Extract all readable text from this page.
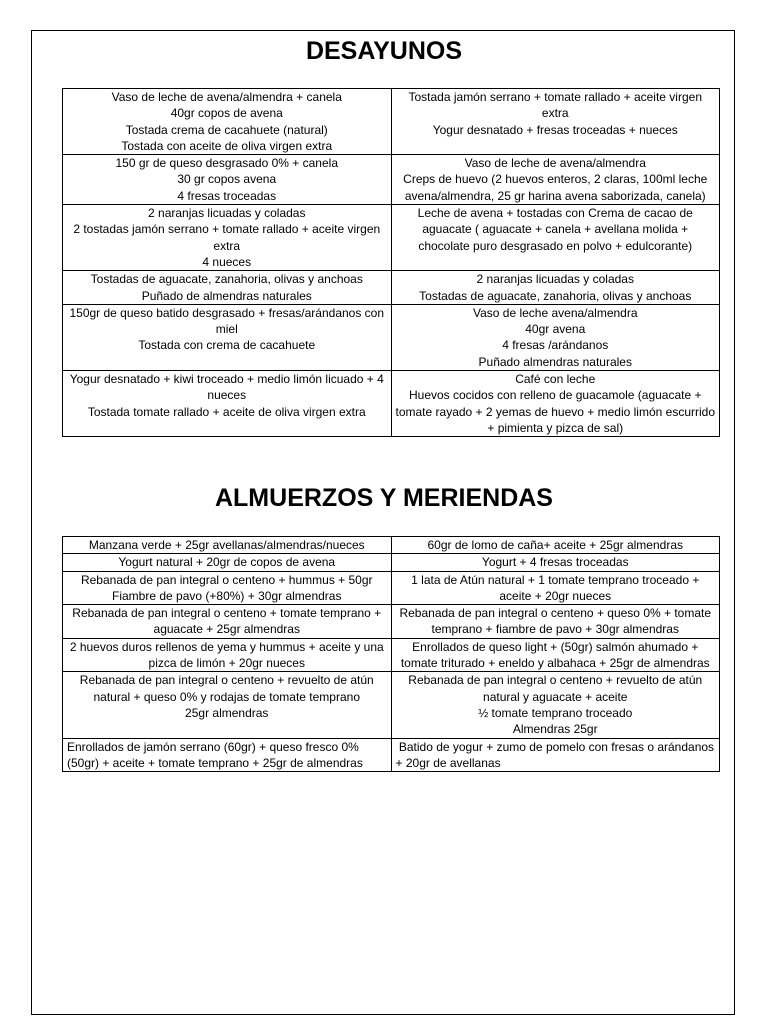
DESAYUNOS
Vaso de leche de avena/almendra + canela
40gr copos de avena
Tostada crema de cacahuete (natural)
Tostada con aceite de oliva virgen extra	Tostada jamón serrano + tomate rallado + aceite virgen extra
Yogur desnatado + fresas troceadas + nueces

150 gr de queso desgrasado 0% + canela
30 gr copos avena
4 fresas troceadas	Vaso de leche de avena/almendra
Creps de huevo (2 huevos enteros, 2 claras, 100ml leche avena/almendra, 25 gr harina avena saborizada, canela)

2 naranjas licuadas y coladas
2 tostadas jamón serrano + tomate rallado + aceite virgen extra
4 nueces	Leche de avena + tostadas con Crema de cacao de aguacate ( aguacate + canela + avellana molida + chocolate puro desgrasado en polvo + edulcorante)

Tostadas de aguacate, zanahoria, olivas y anchoas
Puñado de almendras naturales	2 naranjas licuadas y coladas
Tostadas de aguacate, zanahoria, olivas y anchoas

150gr de queso batido desgrasado + fresas/arándanos con miel
Tostada con crema de cacahuete	Vaso de leche avena/almendra
40gr avena
4 fresas /arándanos
Puñado almendras naturales

Yogur desnatado + kiwi troceado + medio limón licuado + 4 nueces
Tostada tomate rallado + aceite de oliva virgen extra	Café con leche
Huevos cocidos con relleno de guacamole (aguacate + tomate rayado + 2 yemas de huevo + medio limón escurrido + pimienta y pizca de sal)
ALMUERZOS Y MERIENDAS
Manzana verde + 25gr avellanas/almendras/nueces	60gr de lomo de caña+ aceite + 25gr almendras

Yogurt natural + 20gr de copos de avena	Yogurt + 4 fresas troceadas

Rebanada de pan integral o centeno + hummus + 50gr Fiambre de pavo (+80%) + 30gr almendras	1 lata de Atún natural + 1 tomate temprano troceado + aceite + 20gr nueces

Rebanada de pan integral o centeno + tomate temprano + aguacate + 25gr almendras	Rebanada de pan integral o centeno + queso 0% + tomate temprano + fiambre de pavo + 30gr almendras

2 huevos duros rellenos de yema y hummus + aceite y una pizca de limón + 20gr nueces	Enrollados de queso light + (50gr) salmón ahumado + tomate triturado + eneldo y albahaca + 25gr de almendras

Rebanada de pan integral o centeno + revuelto de atún natural + queso 0% y rodajas de tomate temprano
25gr almendras	Rebanada de pan integral o centeno + revuelto de atún natural y aguacate + aceite
½ tomate temprano troceado
Almendras 25gr

Enrollados de jamón serrano (60gr) + queso fresco 0% (50gr) + aceite + tomate temprano + 25gr de almendras	Batido de yogur + zumo de pomelo con fresas o arándanos + 20gr de avellanas
